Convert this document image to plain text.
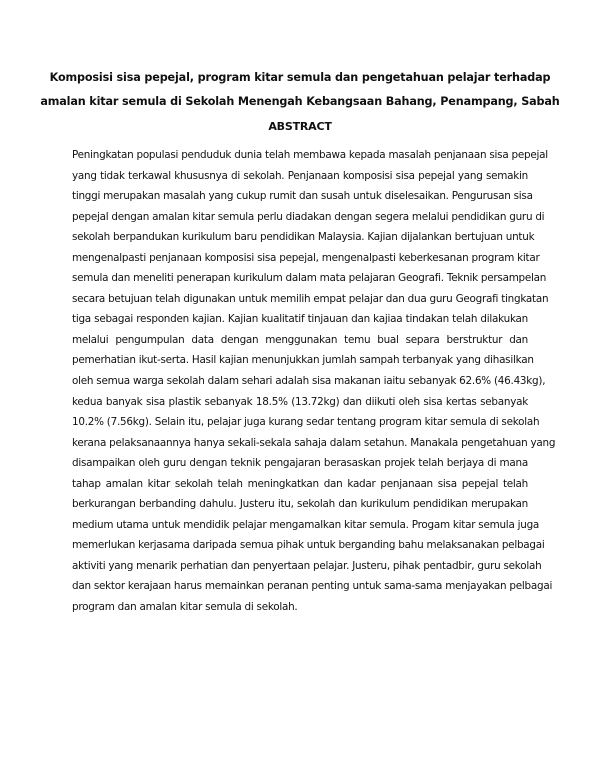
Komposisi sisa pepejal, program kitar semula dan pengetahuan pelajar terhadap
amalan kitar semula di Sekolah Menengah Kebangsaan Bahang, Penampang, Sabah
ABSTRACT

Peningkatan populasi penduduk dunia telah membawa kepada masalah penjanaan sisa pepejal
yang tidak terkawal khususnya di sekolah. Penjanaan komposisi sisa pepejal yang semakin
tinggi merupakan masalah yang cukup rumit dan susah untuk diselesaikan. Pengurusan sisa
pepejal dengan amalan kitar semula perlu diadakan dengan segera melalui pendidikan guru di
sekolah berpandukan kurikulum baru pendidikan Malaysia. Kajian dijalankan bertujuan untuk
mengenalpasti penjanaan komposisi sisa pepejal, mengenalpasti keberkesanan program kitar
semula dan meneliti penerapan kurikulum dalam mata pelajaran Geografi. Teknik persampelan
secara betujuan telah digunakan untuk memilih empat pelajar dan dua guru Geografi tingkatan
tiga sebagai responden kajian. Kajian kualitatif tinjauan dan kajiaa tindakan telah dilakukan
melalui pengumpulan data dengan menggunakan temu bual separa berstruktur dan
pemerhatian ikut-serta. Hasil kajian menunjukkan jumlah sampah terbanyak yang dihasilkan
oleh semua warga sekolah dalam sehari adalah sisa makanan iaitu sebanyak 62.6% (46.43kg),
kedua banyak sisa plastik sebanyak 18.5% (13.72kg) dan diikuti oleh sisa kertas sebanyak
10.2% (7.56kg). Selain itu, pelajar juga kurang sedar tentang program kitar semula di sekolah
kerana pelaksanaannya hanya sekali-sekala sahaja dalam setahun. Manakala pengetahuan yang
disampaikan oleh guru dengan teknik pengajaran berasaskan projek telah berjaya di mana
tahap amalan kitar sekolah telah meningkatkan dan kadar penjanaan sisa pepejal telah
berkurangan berbanding dahulu. Justeru itu, sekolah dan kurikulum pendidikan merupakan
medium utama untuk mendidik pelajar mengamalkan kitar semula. Progam kitar semula juga
memerlukan kerjasama daripada semua pihak untuk berganding bahu melaksanakan pelbagai
aktiviti yang menarik perhatian dan penyertaan pelajar. Justeru, pihak pentadbir, guru sekolah
dan sektor kerajaan harus memainkan peranan penting untuk sama-sama menjayakan pelbagai
program dan amalan kitar semula di sekolah.
